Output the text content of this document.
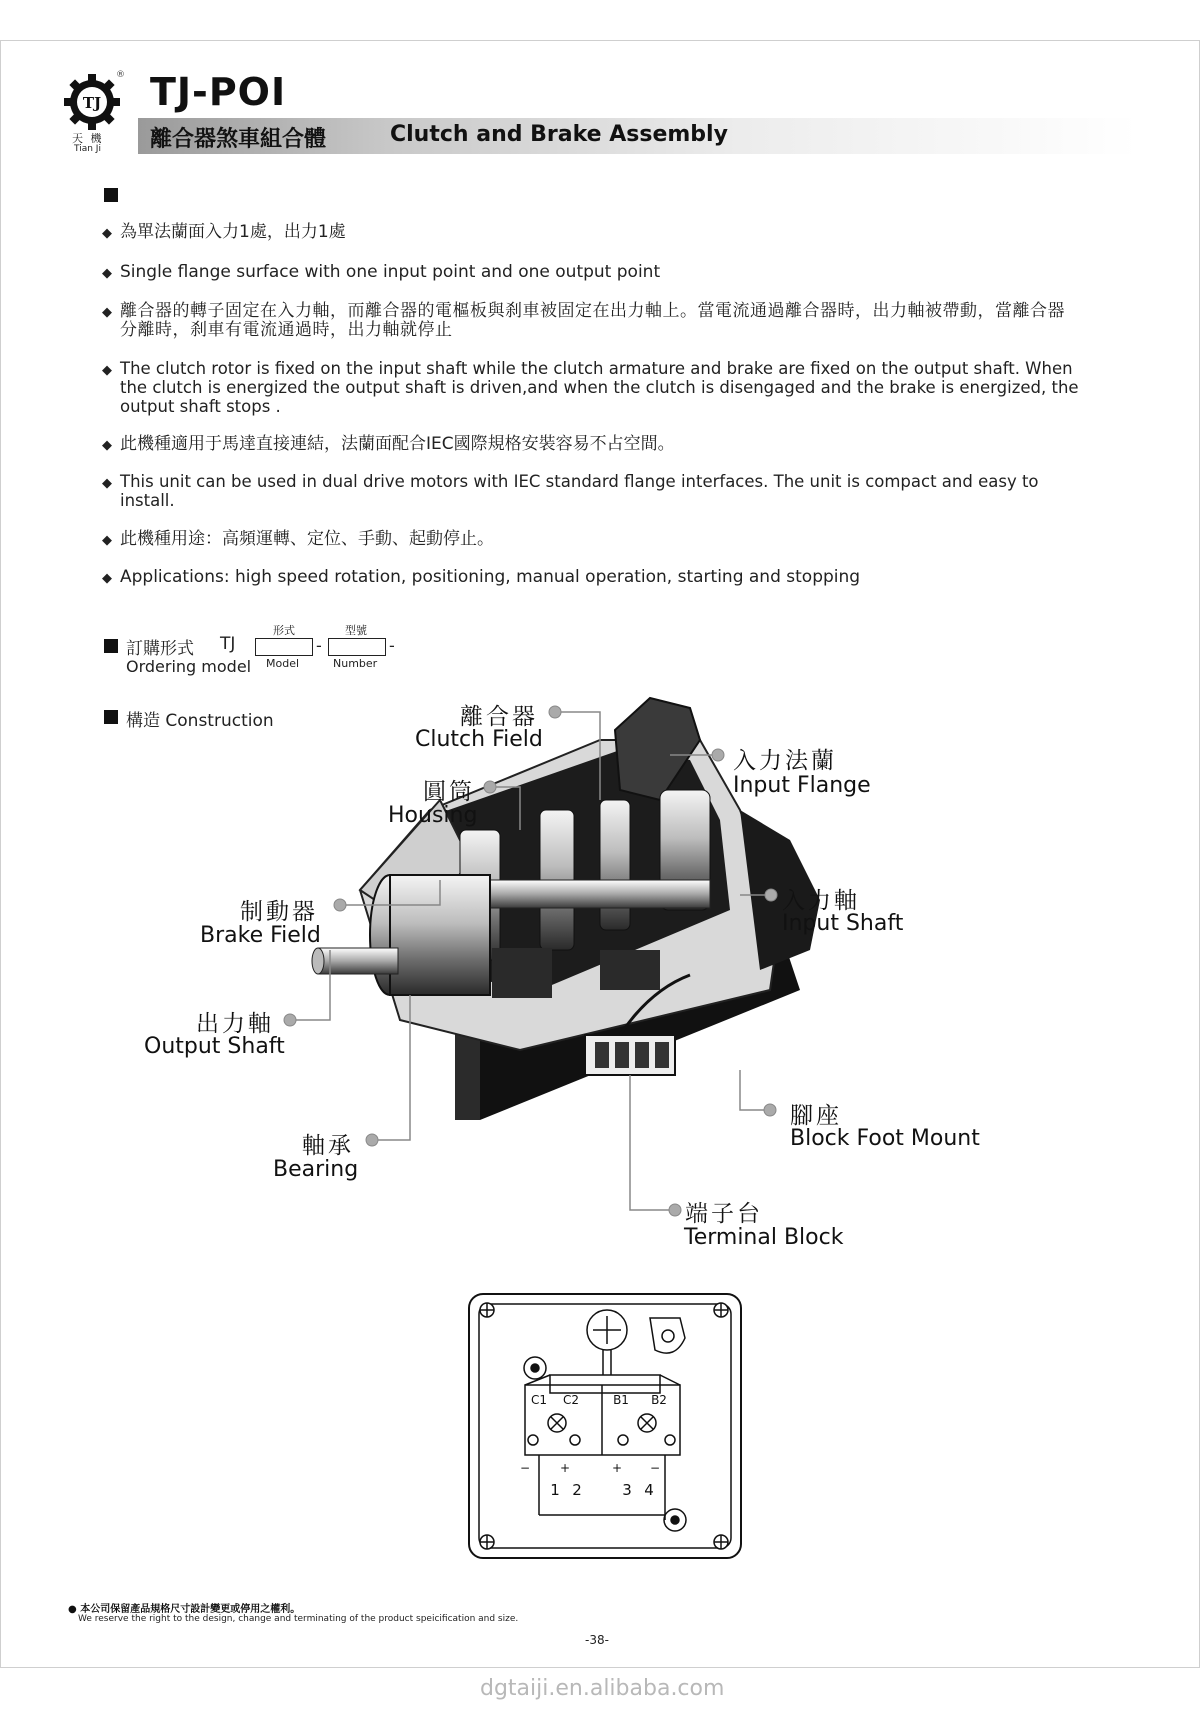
TJ
®
天 機
Tian Ji
TJ-POI
離合器煞車組合體	Clutch and Brake Assembly
◆ 為單法蘭面入力1處，出力1處
◆ Single flange surface with one input point and one output point
◆ 離合器的轉子固定在入力軸，而離合器的電樞板與刹車被固定在出力軸上。當電流通過離合器時，出力軸被帶動，當離合器分離時，刹車有電流通過時，出力軸就停止
◆ The clutch rotor is fixed on the input shaft while the clutch armature and brake are fixed on the output shaft. When the clutch is energized the output shaft is driven,and when the clutch is disengaged and the brake is energized, the output shaft stops .
◆ 此機種適用于馬達直接連結，法蘭面配合IEC國際規格安裝容易不占空間。
◆ This unit can be used in dual drive motors with IEC standard flange interfaces. The unit is compact and easy to install.
◆ 此機種用途：高頻運轉、定位、手動、起動停止。
◆ Applications: high speed rotation, positioning, manual operation, starting and stopping
訂購形式
Ordering model
TJ
形式
Model
-
型號
Number
-
構造 Construction	離合器
Clutch Field
圓筒
Housing
入力法蘭
Input Flange
制動器
Brake Field
入力軸
Input Shaft
出力軸
Output Shaft
腳座
Block Foot Mount
軸承
Bearing
端子台
Terminal Block
C1 C2	B1 B2
− +	+ −
1 2	3 4
● 本公司保留產品規格尺寸設計變更或停用之權利。
We reserve the right to the design, change and terminating of the product speicification and size.
-38-
dgtaiji.en.alibaba.com
